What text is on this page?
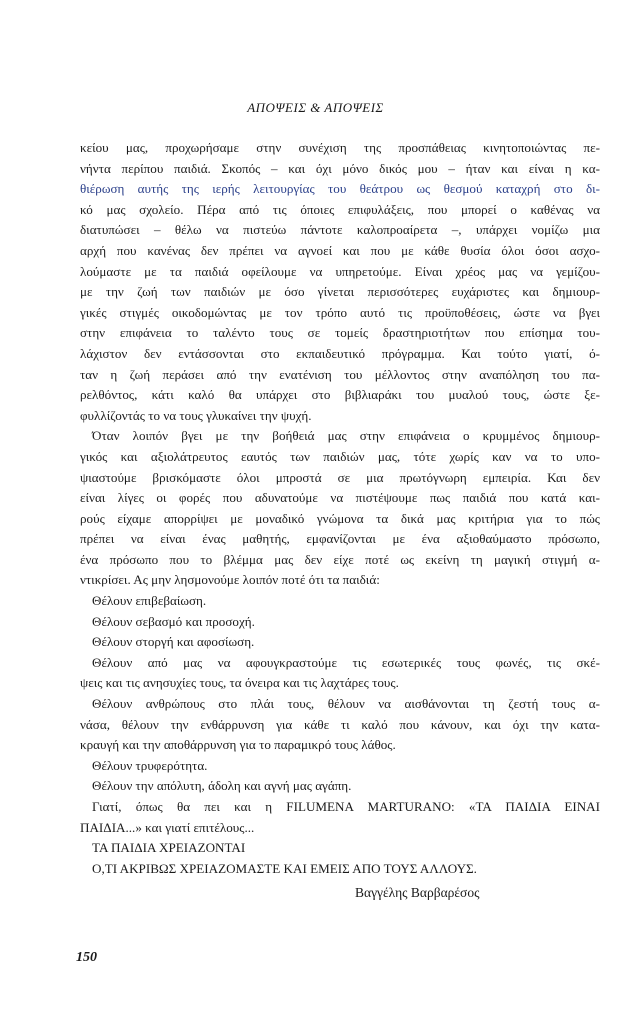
ΑΠΟΨΕΙΣ & ΑΠΟΨΕΙΣ
κείου μας, προχωρήσαμε στην συνέχιση της προσπάθειας κινητοποιώντας πε-
νήντα περίπου παιδιά. Σκοπός – και όχι μόνο δικός μου – ήταν και είναι η κα-
θιέρωση αυτής της ιερής λειτουργίας του θεάτρου ως θεσμού καταχρή στο δι-
κό μας σχολείο. Πέρα από τις όποιες επιφυλάξεις, που μπορεί ο καθένας να
διατυπώσει – θέλω να πιστεύω πάντοτε καλοπροαίρετα –, υπάρχει νομίζω μια
αρχή που κανένας δεν πρέπει να αγνοεί και που με κάθε θυσία όλοι όσοι ασχο-
λούμαστε με τα παιδιά οφείλουμε να υπηρετούμε. Είναι χρέος μας να γεμίζου-
με την ζωή των παιδιών με όσο γίνεται περισσότερες ευχάριστες και δημιουρ-
γικές στιγμές οικοδομώντας με τον τρόπο αυτό τις προϋποθέσεις, ώστε να βγει
στην επιφάνεια το ταλέντο τους σε τομείς δραστηριοτήτων που επίσημα του-
λάχιστον δεν εντάσσονται στο εκπαιδευτικό πρόγραμμα. Και τούτο γιατί, ό-
ταν η ζωή περάσει από την ενατένιση του μέλλοντος στην αναπόληση του πα-
ρελθόντος, κάτι καλό θα υπάρχει στο βιβλιαράκι του μυαλού τους, ώστε ξε-
φυλλίζοντάς το να τους γλυκαίνει την ψυχή.
Όταν λοιπόν βγει με την βοήθειά μας στην επιφάνεια ο κρυμμένος δημιουρ-
γικός και αξιολάτρευτος εαυτός των παιδιών μας, τότε χωρίς καν να το υπο-
ψιαστούμε βρισκόμαστε όλοι μπροστά σε μια πρωτόγνωρη εμπειρία. Και δεν
είναι λίγες οι φορές που αδυνατούμε να πιστέψουμε πως παιδιά που κατά και-
ρούς είχαμε απορρίψει με μοναδικό γνώμονα τα δικά μας κριτήρια για το πώς
πρέπει να είναι ένας μαθητής, εμφανίζονται με ένα αξιοθαύμαστο πρόσωπο,
ένα πρόσωπο που το βλέμμα μας δεν είχε ποτέ ως εκείνη τη μαγική στιγμή α-
ντικρίσει. Ας μην λησμονούμε λοιπόν ποτέ ότι τα παιδιά:
Θέλουν επιβεβαίωση.
Θέλουν σεβασμό και προσοχή.
Θέλουν στοργή και αφοσίωση.
Θέλουν από μας να αφουγκραστούμε τις εσωτερικές τους φωνές, τις σκέ-
ψεις και τις ανησυχίες τους, τα όνειρα και τις λαχτάρες τους.
Θέλουν ανθρώπους στο πλάι τους, θέλουν να αισθάνονται τη ζεστή τους α-
νάσα, θέλουν την ενθάρρυνση για κάθε τι καλό που κάνουν, και όχι την κατα-
κραυγή και την αποθάρρυνση για το παραμικρό τους λάθος.
Θέλουν τρυφερότητα.
Θέλουν την απόλυτη, άδολη και αγνή μας αγάπη.
Γιατί, όπως θα πει και η FILUMENA MARTURANO: «ΤΑ ΠΑΙΔΙΑ ΕΙΝΑΙ
ΠΑΙΔΙΑ...» και γιατί επιτέλους...
ΤΑ ΠΑΙΔΙΑ ΧΡΕΙΑΖΟΝΤΑΙ
Ο,ΤΙ ΑΚΡΙΒΩΣ ΧΡΕΙΑΖΟΜΑΣΤΕ ΚΑΙ ΕΜΕΙΣ ΑΠΟ ΤΟΥΣ ΑΛΛΟΥΣ.
Βαγγέλης Βαρβαρέσος
150
